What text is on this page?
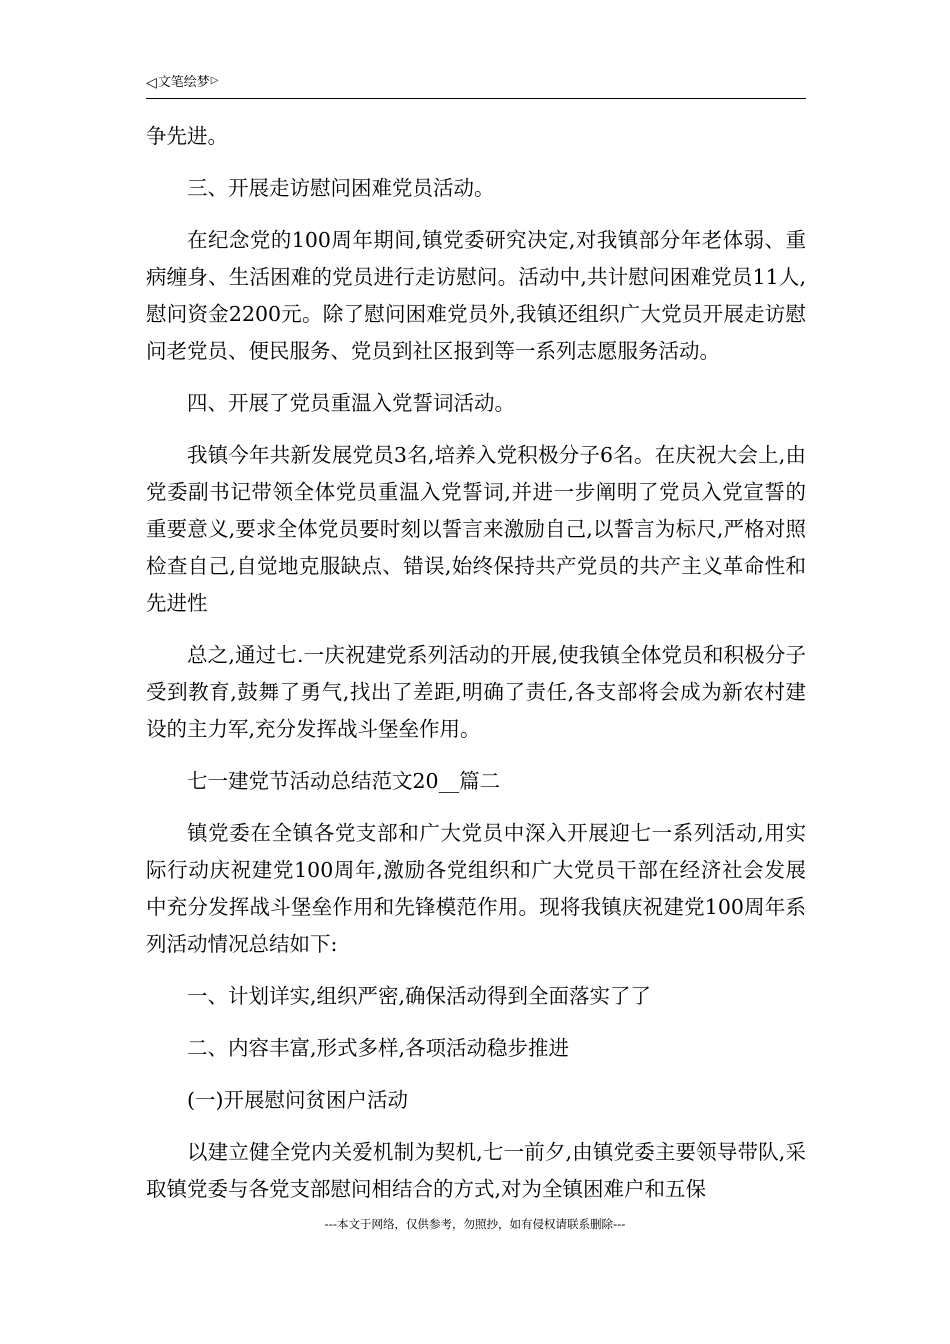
◁ 文笔绘梦 ▷

争先进。

三、开展走访慰问困难党员活动。

在纪念党的100周年期间,镇党委研究决定,对我镇部分年老体弱、重病缠身、生活困难的党员进行走访慰问。活动中,共计慰问困难党员11人,慰问资金2200元。除了慰问困难党员外,我镇还组织广大党员开展走访慰问老党员、便民服务、党员到社区报到等一系列志愿服务活动。

四、开展了党员重温入党誓词活动。

我镇今年共新发展党员3名,培养入党积极分子6名。在庆祝大会上,由党委副书记带领全体党员重温入党誓词,并进一步阐明了党员入党宣誓的重要意义,要求全体党员要时刻以誓言来激励自己,以誓言为标尺,严格对照检查自己,自觉地克服缺点、错误,始终保持共产党员的共产主义革命性和先进性

总之,通过七.一庆祝建党系列活动的开展,使我镇全体党员和积极分子受到教育,鼓舞了勇气,找出了差距,明确了责任,各支部将会成为新农村建设的主力军,充分发挥战斗堡垒作用。

七一建党节活动总结范文20__篇二

镇党委在全镇各党支部和广大党员中深入开展迎七一系列活动,用实际行动庆祝建党100周年,激励各党组织和广大党员干部在经济社会发展中充分发挥战斗堡垒作用和先锋模范作用。现将我镇庆祝建党100周年系列活动情况总结如下:

一、计划详实,组织严密,确保活动得到全面落实了了

二、内容丰富,形式多样,各项活动稳步推进

(一)开展慰问贫困户活动

以建立健全党内关爱机制为契机,七一前夕,由镇党委主要领导带队,采取镇党委与各党支部慰问相结合的方式,对为全镇困难户和五保

---本文于网络，仅供参考，勿照抄，如有侵权请联系删除---
